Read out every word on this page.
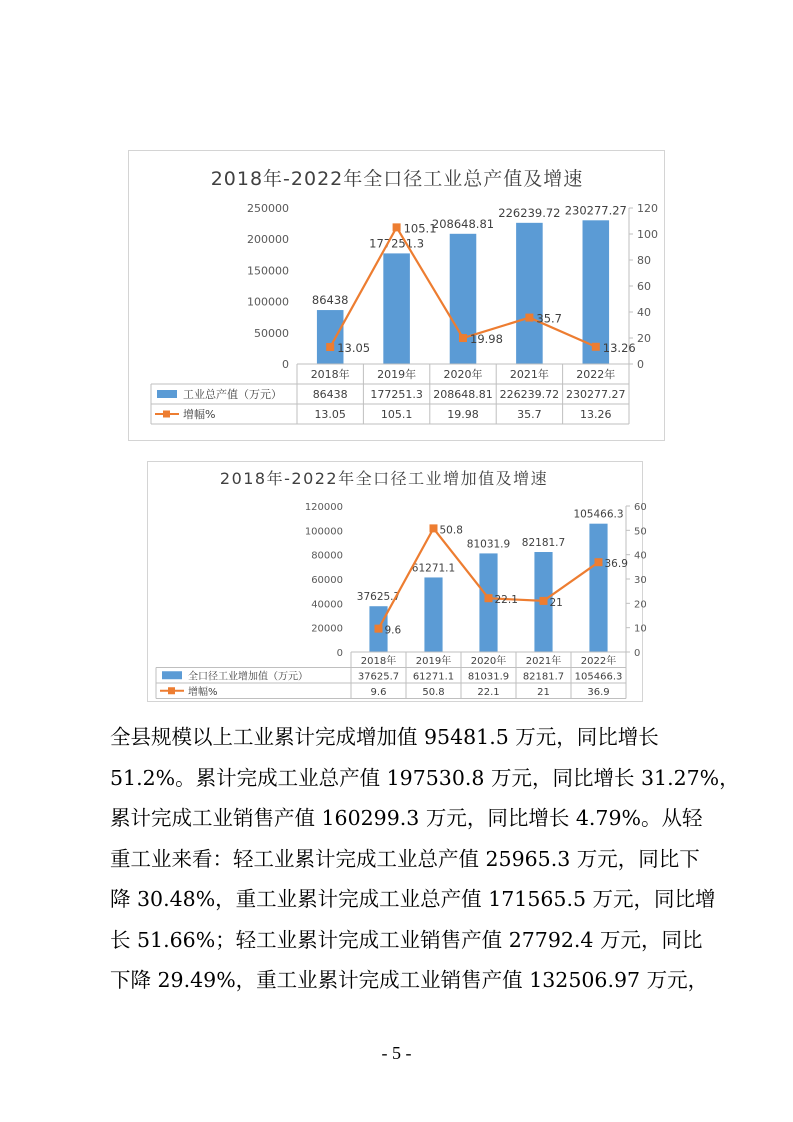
2018年-2022年全口径工业总产值及增速
0
50000
100000
150000
200000
250000
0
20
40
60
80
100
120
86438
177251.3
208648.81
226239.72 230277.27
13.05
105.1
19.98
35.7
13.26
2018年
86438
13.05
2019年
177251.3
105.1
2020年
208648.81
19.98
2021年
226239.72
35.7
2022年
230277.27
13.26
工业总产值（万元）
增幅%
2018年-2022年全口径工业增加值及增速
0
20000
40000
60000
80000
100000
120000
0
10
20
30
40
50
60
37625.7
61271.1
81031.9 82181.7
105466.3
9.6
50.8
22.1	21
36.9
2018年
37625.7
9.6
2019年
61271.1
50.8
2020年
81031.9
22.1
2021年
82181.7
21
2022年
105466.3
36.9
全口径工业增加值（万元）
增幅%
全县规模以上工业累计完成增加值 95481.5 万元，同比增长
51.2%。累计完成工业总产值 197530.8 万元，同比增长 31.27%，
累计完成工业销售产值 160299.3 万元，同比增长 4.79%。从轻
重工业来看：轻工业累计完成工业总产值 25965.3 万元，同比下
降 30.48%，重工业累计完成工业总产值 171565.5 万元，同比增
长 51.66%；轻工业累计完成工业销售产值 27792.4 万元，同比
下降 29.49%，重工业累计完成工业销售产值 132506.97 万元，
- 5 -
